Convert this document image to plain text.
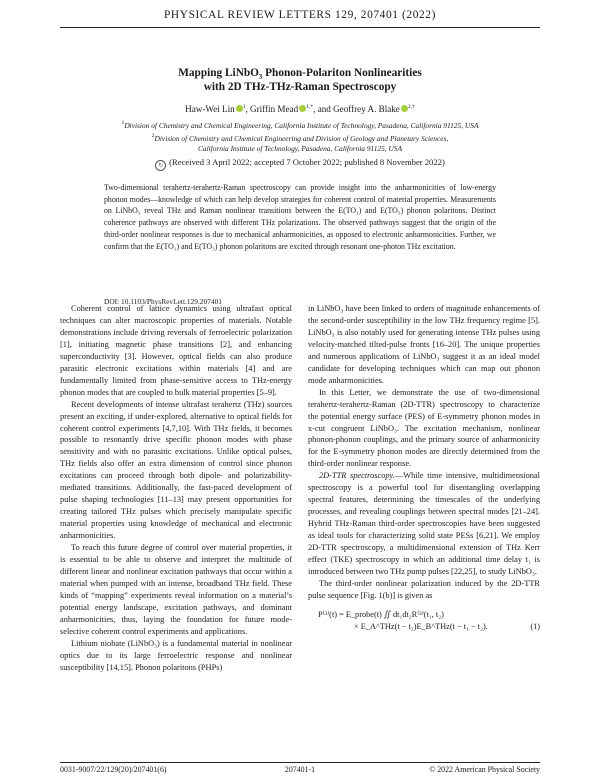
PHYSICAL REVIEW LETTERS 129, 207401 (2022)
Mapping LiNbO₃ Phonon-Polariton Nonlinearities
with 2D THz-THz-Raman Spectroscopy
Haw-Wei Lin $^1$, Griffin Mead $^{1,*}$, and Geoffrey A. Blake $^{2,\dagger}$
$^1$Division of Chemistry and Chemical Engineering, California Institute of Technology, Pasadena, California 91125, USA
$^2$Division of Chemistry and Chemical Engineering and Division of Geology and Planetary Sciences,
California Institute of Technology, Pasadena, California 91125, USA
↻ (Received 3 April 2022; accepted 7 October 2022; published 8 November 2022)
Two-dimensional terahertz-terahertz-Raman spectroscopy can provide insight into the anharmonicities of low-energy phonon modes—knowledge of which can help develop strategies for coherent control of material properties. Measurements on LiNbO₃ reveal THz and Raman nonlinear transitions between the E(TO₁) and E(TO₃) phonon polaritons. Distinct coherence pathways are observed with different THz polarizations. The observed pathways suggest that the origin of the third-order nonlinear responses is due to mechanical anharmonicities, as opposed to electronic anharmonicities. Further, we confirm that the E(TO₁) and E(TO₃) phonon polaritons are excited through resonant one-photon THz excitation.
DOI: 10.1103/PhysRevLett.129.207401

Coherent control of lattice dynamics using ultrafast optical techniques can alter macroscopic properties of materials. Notable demonstrations include driving reversals of ferroelectric polarization [1], initiating magnetic phase transitions [2], and enhancing superconductivity [3]. However, optical fields can also produce parasitic electronic excitations within materials [4] and are fundamentally limited from phase-sensitive access to THz-energy phonon modes that are coupled to bulk material properties [5–9].

Recent developments of intense ultrafast terahertz (THz) sources present an exciting, if under-explored, alternative to optical fields for coherent control experiments [4,7,10]. With THz fields, it becomes possible to resonantly drive specific phonon modes with phase sensitivity and with no parasitic excitations. Unlike optical pulses, THz fields also offer an extra dimension of control since phonon excitations can proceed through both dipole- and polarizability-mediated transitions. Additionally, the fast-paced development of pulse shaping technologies [11–13] may present opportunities for creating tailored THz pulses which precisely manipulate specific material properties using knowledge of mechanical and electronic anharmonicities.

To reach this future degree of control over material properties, it is essential to be able to observe and interpret the multitude of different linear and nonlinear excitation pathways that occur within a material when pumped with an intense, broadband THz field. These kinds of “mapping” experiments reveal information on a material’s potential energy landscape, excitation pathways, and dominant anharmonicities, thus, laying the foundation for future mode-selective coherent control experiments and applications.

Lithium niobate (LiNbO₃) is a fundamental material in nonlinear optics due to its large ferroelectric response and nonlinear susceptibility [14,15]. Phonon polaritons (PHPs)

in LiNbO₃ have been linked to orders of magnitude enhancements of the second-order susceptibility in the low THz frequency regime [5]. LiNbO₃ is also notably used for generating intense THz pulses using velocity-matched tilted-pulse fronts [16–20]. The unique properties and numerous applications of LiNbO₃ suggest it as an ideal model candidate for developing techniques which can map out phonon mode anharmonicities.

In this Letter, we demonstrate the use of two-dimensional terahertz-terahertz-Raman (2D-TTR) spectroscopy to characterize the potential energy surface (PES) of E-symmetry phonon modes in x-cut congruent LiNbO₃. The excitation mechanism, nonlinear phonon-phonon couplings, and the primary source of anharmonicity for the E-symmetry phonon modes are directly determined from the third-order nonlinear response.

2D-TTR spectroscopy.—While time intensive, multidimensional spectroscopy is a powerful tool for disentangling overlapping spectral features, determining the timescales of the underlying processes, and revealing couplings between spectral modes [21–24]. Hybrid THz-Raman third-order spectroscopies have been suggested as ideal tools for characterizing solid state PESs [6,21]. We employ 2D-TTR spectroscopy, a multidimensional extension of THz Kerr effect (TKE) spectroscopy in which an additional time delay t₁ is introduced between two THz pump pulses [22,25], to study LiNbO₃.

The third-order nonlinear polarization induced by the 2D-TTR pulse sequence [Fig. 1(b)] is given as

P⁽³⁾(t) = E_probe(t) ∬ dt₁dt₂R⁽³⁾(t₁, t₂)
(1)
× E_A^THz(t − t₂)E_B^THz(t − t₁ − t₂).
0031-9007/22/129(20)/207401(6)	207401-1	© 2022 American Physical Society
